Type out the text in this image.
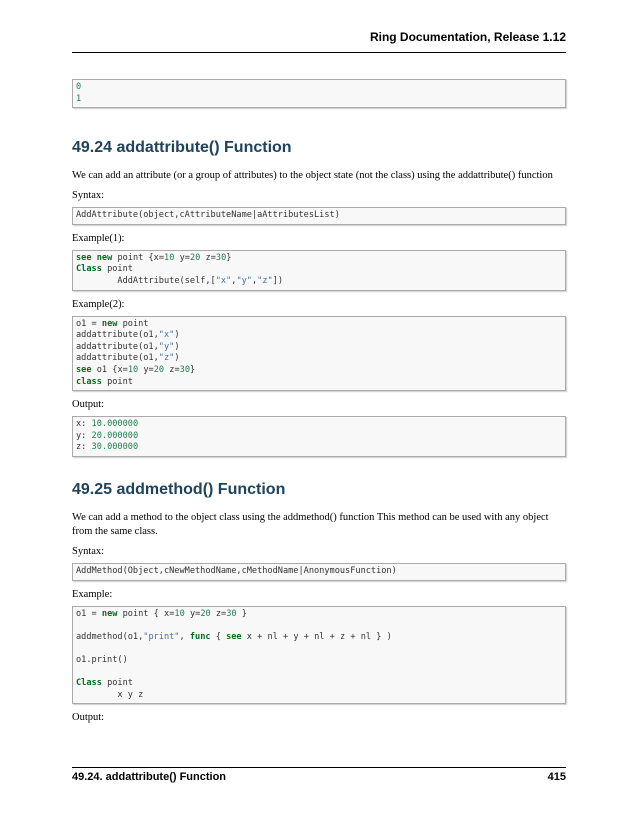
Ring Documentation, Release 1.12
0
1
49.24 addattribute() Function

We can add an attribute (or a group of attributes) to the object state (not the class) using the addattribute() function

Syntax:

AddAttribute(object,cAttributeName|aAttributesList)

Example(1):

see new point {x=10 y=20 z=30}
Class point
AddAttribute(self,["x","y","z"])

Example(2):

o1 = new point
addattribute(o1,"x")
addattribute(o1,"y")
addattribute(o1,"z")
see o1 {x=10 y=20 z=30}
class point

Output:

x: 10.000000
y: 20.000000
z: 30.000000
49.25 addmethod() Function

We can add a method to the object class using the addmethod() function This method can be used with any object from the same class.

Syntax:

AddMethod(Object,cNewMethodName,cMethodName|AnonymousFunction)

Example:

o1 = new point { x=10 y=20 z=30 }

addmethod(o1,"print", func { see x + nl + y + nl + z + nl } )

o1.print()

Class point
x y z

Output:

49.24. addattribute() Function	415
